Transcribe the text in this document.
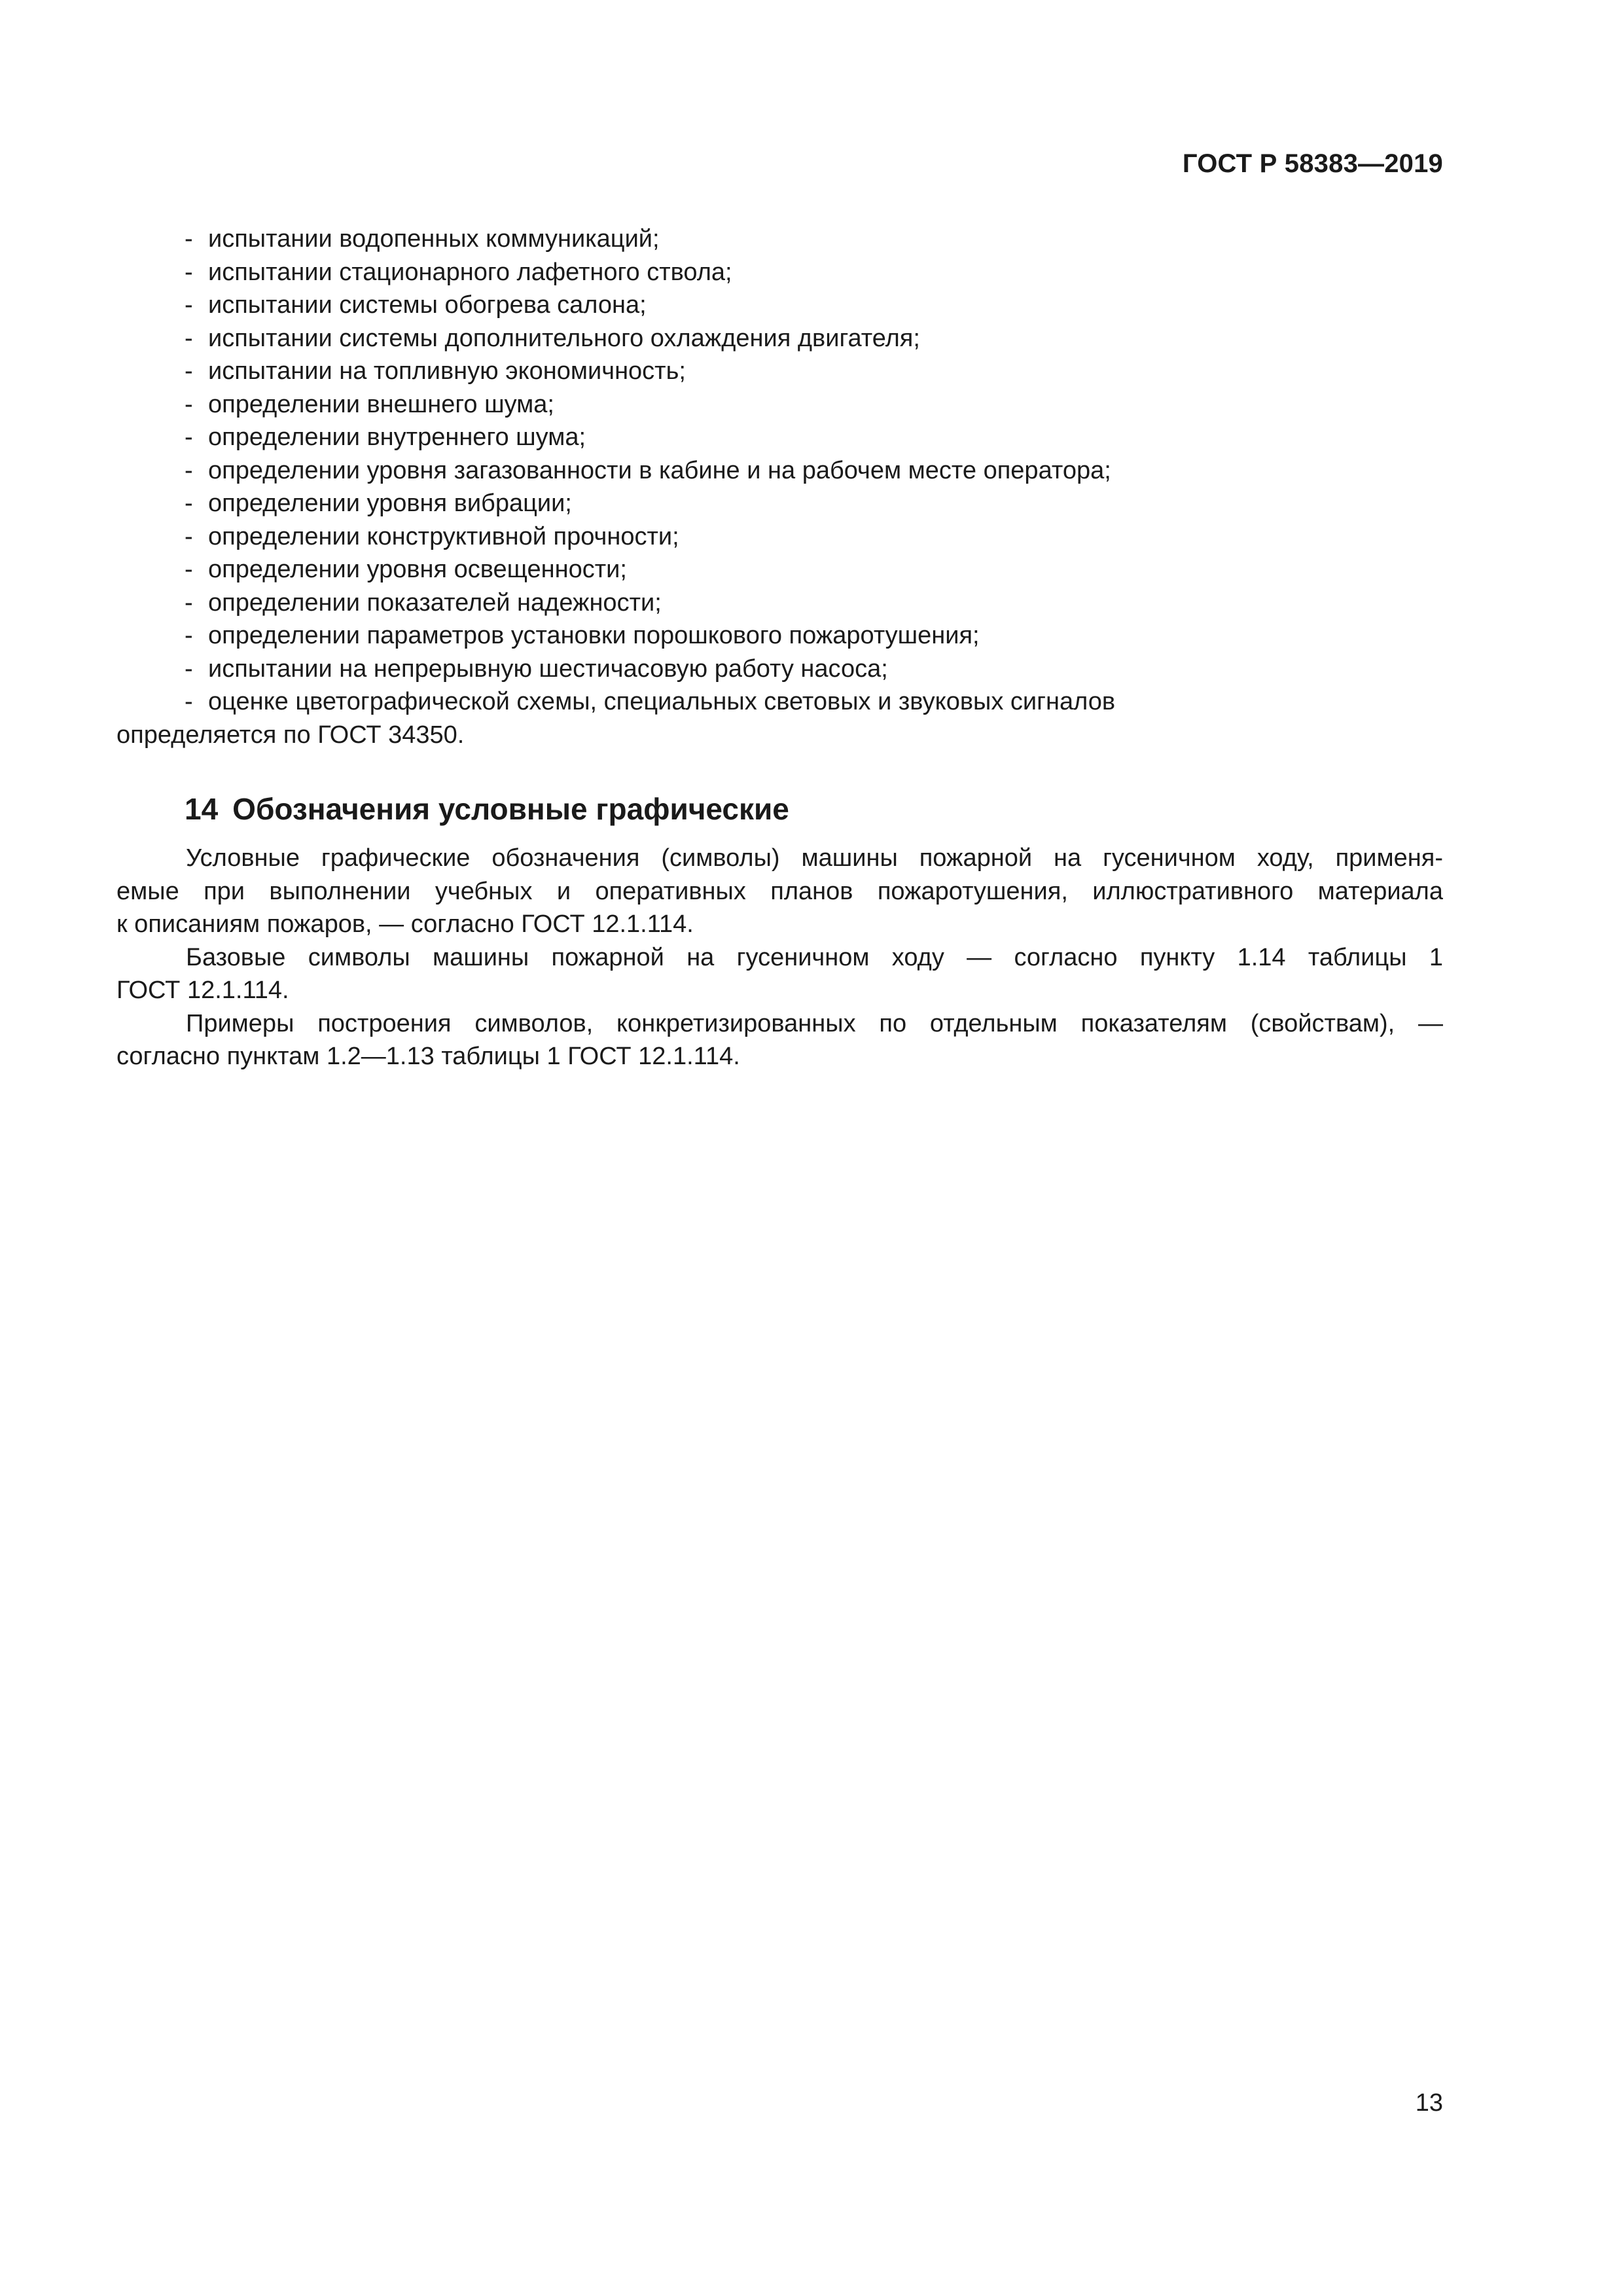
ГОСТ Р 58383—2019
- испытании водопенных коммуникаций;
- испытании стационарного лафетного ствола;
- испытании системы обогрева салона;
- испытании системы дополнительного охлаждения двигателя;
- испытании на топливную экономичность;
- определении внешнего шума;
- определении внутреннего шума;
- определении уровня загазованности в кабине и на рабочем месте оператора;
- определении уровня вибрации;
- определении конструктивной прочности;
- определении уровня освещенности;
- определении показателей надежности;
- определении параметров установки порошкового пожаротушения;
- испытании на непрерывную шестичасовую работу насоса;
- оценке цветографической схемы, специальных световых и звуковых сигналов
определяется по ГОСТ 34350.
14 Обозначения условные графические
Условные графические обозначения (символы) машины пожарной на гусеничном ходу, применя-
емые при выполнении учебных и оперативных планов пожаротушения, иллюстративного материала
к описаниям пожаров, — согласно ГОСТ 12.1.114.
Базовые символы машины пожарной на гусеничном ходу — согласно пункту 1.14 таблицы 1
ГОСТ 12.1.114.
Примеры построения символов, конкретизированных по отдельным показателям (свойствам), —
согласно пунктам 1.2—1.13 таблицы 1 ГОСТ 12.1.114.
13
